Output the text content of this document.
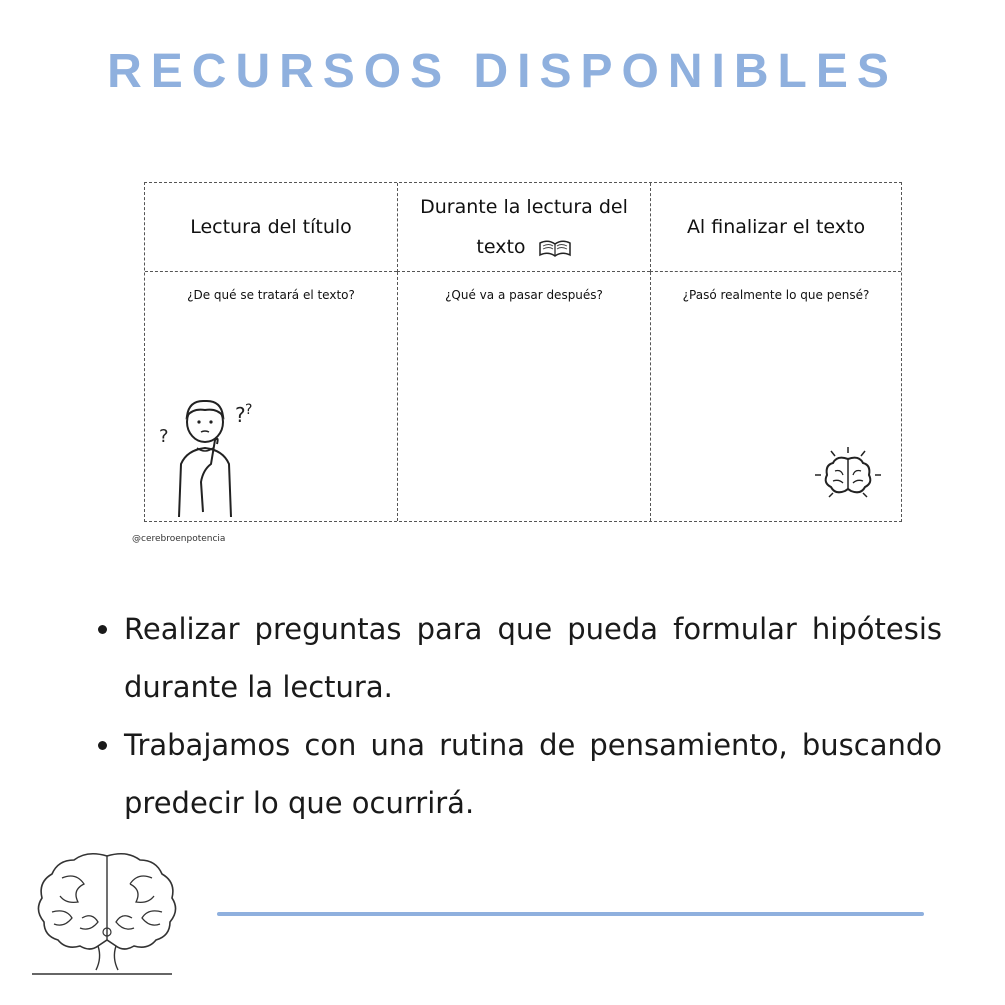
RECURSOS DISPONIBLES
Lectura del título
Durante la lectura del
texto
Al finalizar el texto
¿De qué se tratará el texto?
?
? ?
¿Qué va a pasar después?	¿Pasó realmente lo que pensé?
@cerebroenpotencia
Realizar preguntas para que pueda formular hipótesis durante la lectura.
Trabajamos con una rutina de pensamiento, buscando predecir lo que ocurrirá.
